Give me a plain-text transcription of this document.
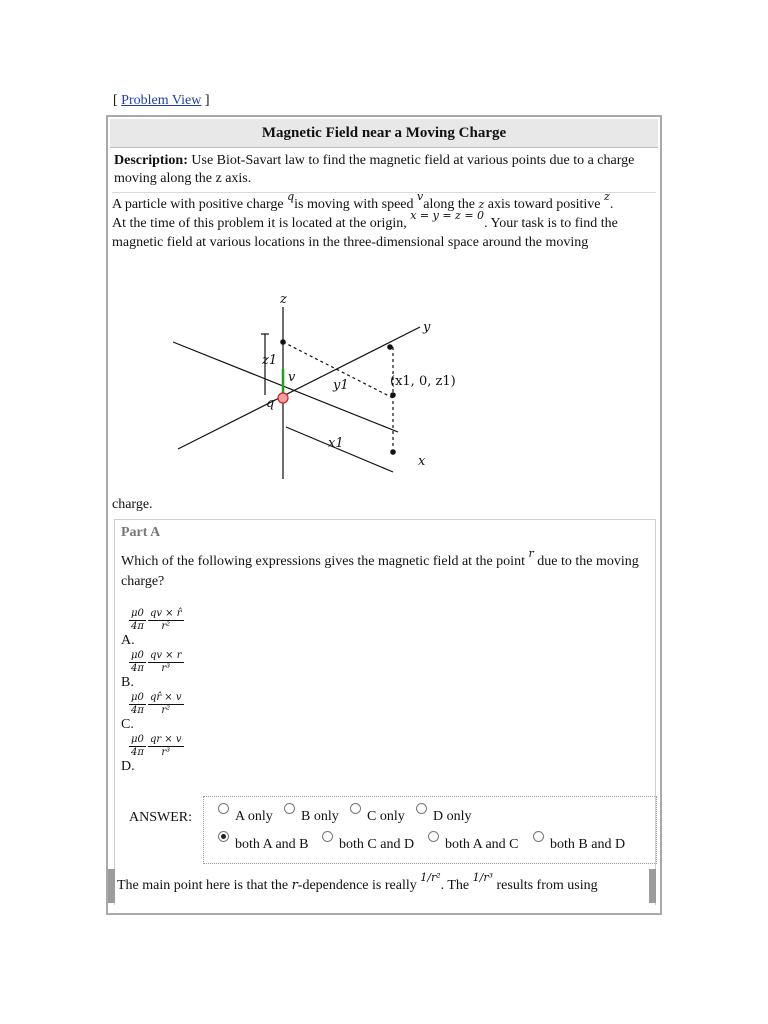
[ Problem View ]
Magnetic Field near a Moving Charge
Description: Use Biot-Savart law to find the magnetic field at various points due to a charge moving along the z axis.
A particle with positive charge $^q$is moving with speed $^v$along the z axis toward positive $^z$.
At the time of this problem it is located at the origin, $^{x = y = z = 0}$. Your task is to find the magnetic field at various locations in the three-dimensional space around the moving
z
y
x
z1
y1
x1
q
v	(x1, 0, z1)
charge.
Part A
Which of the following expressions gives the magnetic field at the point $^r$ due to the moving charge?
$\frac{\mu 0}{4\pi} \frac{qv \times r̂}{\text{r²}}$
A.
$\frac{\mu 0}{4\pi} \frac{qv \times r}{\text{r³}}$
B.
$\frac{\mu 0}{4\pi} \frac{qr̂ \times v}{\text{r²}}$
C.
$\frac{\mu 0}{4\pi} \frac{qr \times v}{\text{r³}}$
D.
ANSWER:	A only	B only	C only	D only
both A and B	both C and D	both A and C	both B and D
The main point here is that the r-dependence is really $^{1/r^2}$. The $^{1/r^3}$ results from using
